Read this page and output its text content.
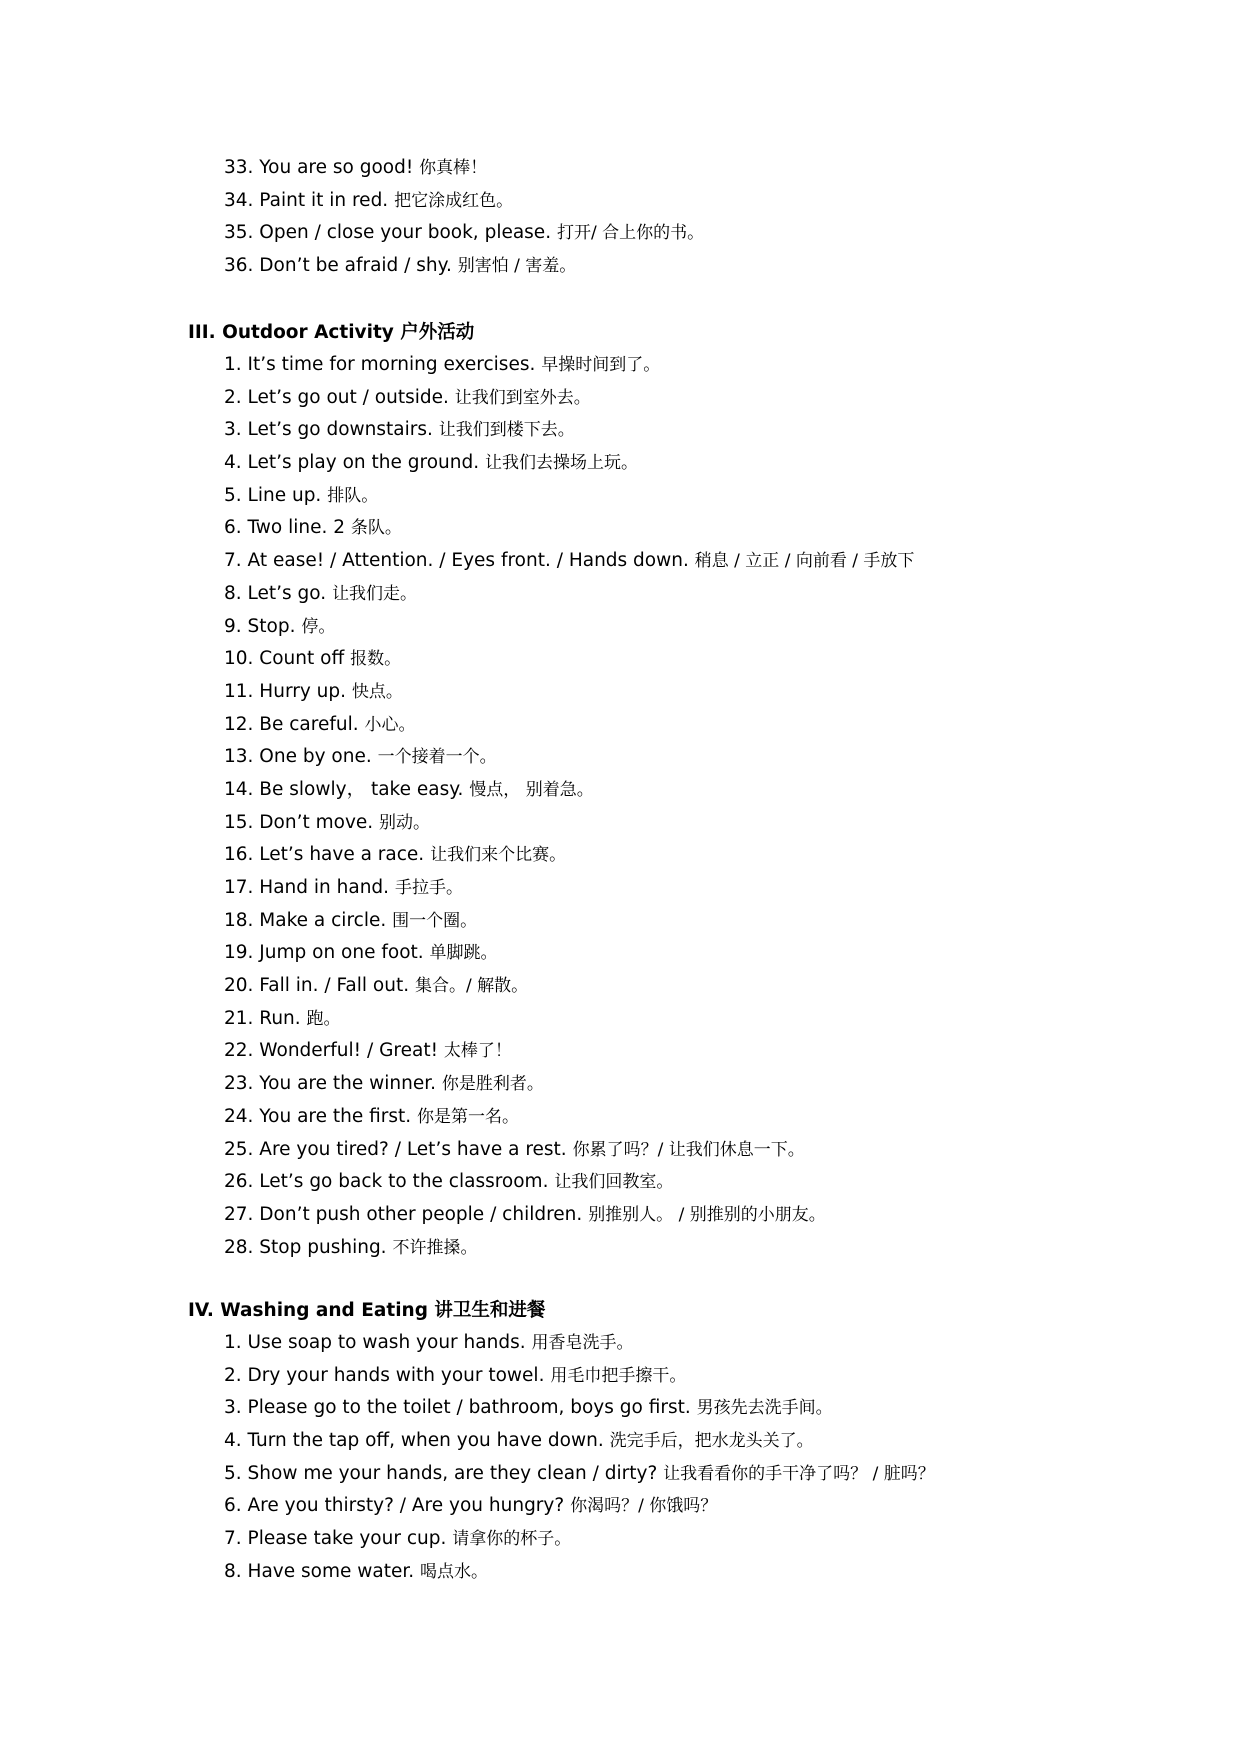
33. You are so good! 你真棒！
34. Paint it in red. 把它涂成红色。
35. Open / close your book, please. 打开/ 合上你的书。
36. Don’t be afraid / shy. 别害怕 / 害羞。
III. Outdoor Activity 户外活动
1. It’s time for morning exercises. 早操时间到了。
2. Let’s go out / outside. 让我们到室外去。
3. Let’s go downstairs. 让我们到楼下去。
4. Let’s play on the ground. 让我们去操场上玩。
5. Line up. 排队。
6. Two line. 2 条队。
7. At ease! / Attention. / Eyes front. / Hands down. 稍息 / 立正 / 向前看 / 手放下
8. Let’s go. 让我们走。
9. Stop. 停。
10. Count off 报数。
11. Hurry up. 快点。
12. Be careful. 小心。
13. One by one. 一个接着一个。
14. Be slowly， take easy. 慢点， 别着急。
15. Don’t move. 别动。
16. Let’s have a race. 让我们来个比赛。
17. Hand in hand. 手拉手。
18. Make a circle. 围一个圈。
19. Jump on one foot. 单脚跳。
20. Fall in. / Fall out. 集合。/ 解散。
21. Run. 跑。
22. Wonderful! / Great! 太棒了！
23. You are the winner. 你是胜利者。
24. You are the first. 你是第一名。
25. Are you tired? / Let’s have a rest. 你累了吗？/ 让我们休息一下。
26. Let’s go back to the classroom. 让我们回教室。
27. Don’t push other people / children. 别推别人。 / 别推别的小朋友。
28. Stop pushing. 不许推搡。
IV. Washing and Eating 讲卫生和进餐
1. Use soap to wash your hands. 用香皂洗手。
2. Dry your hands with your towel. 用毛巾把手擦干。
3. Please go to the toilet / bathroom, boys go first. 男孩先去洗手间。
4. Turn the tap off, when you have down. 洗完手后，把水龙头关了。
5. Show me your hands, are they clean / dirty? 让我看看你的手干净了吗？ / 脏吗？
6. Are you thirsty? / Are you hungry? 你渴吗？/ 你饿吗？
7. Please take your cup. 请拿你的杯子。
8. Have some water. 喝点水。
